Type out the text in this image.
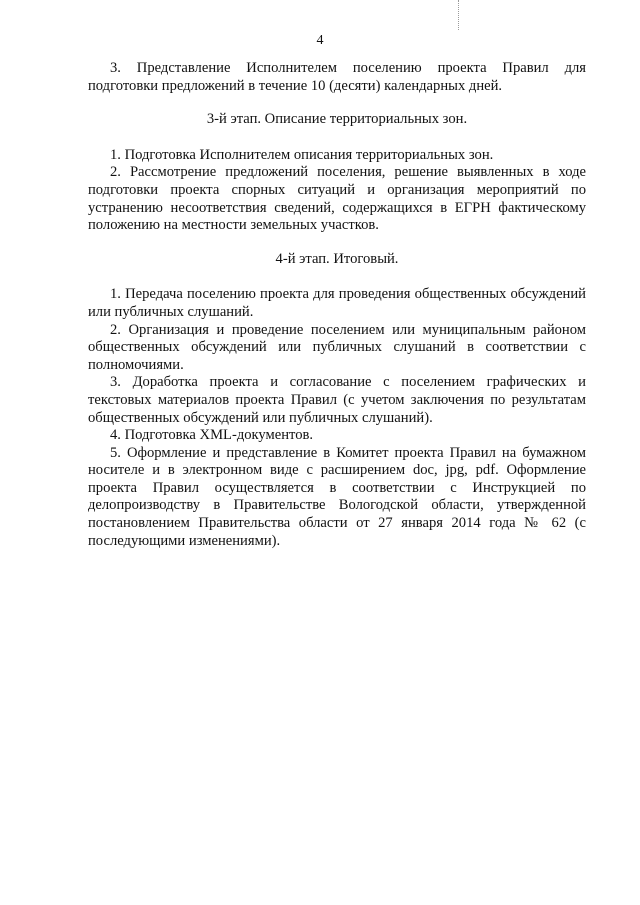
4

3. Представление Исполнителем поселению проекта Правил для подготовки предложений в течение 10 (десяти) календарных дней.

3-й этап. Описание территориальных зон.

1. Подготовка Исполнителем описания территориальных зон.

2. Рассмотрение предложений поселения, решение выявленных в ходе подготовки проекта спорных ситуаций и организация мероприятий по устранению несоответствия сведений, содержащихся в ЕГРН фактическому положению на местности земельных участков.

4-й этап. Итоговый.

1. Передача поселению проекта для проведения общественных обсуждений или публичных слушаний.

2. Организация и проведение поселением или муниципальным районом общественных обсуждений или публичных слушаний в соответствии с полномочиями.

3. Доработка проекта и согласование с поселением графических и текстовых материалов проекта Правил (с учетом заключения по результатам общественных обсуждений или публичных слушаний).

4. Подготовка XML-документов.

5. Оформление и представление в Комитет проекта Правил на бумажном носителе и в электронном виде с расширением doc, jpg, pdf. Оформление проекта Правил осуществляется в соответствии с Инструкцией по делопроизводству в Правительстве Вологодской области, утвержденной постановлением Правительства области от 27 января 2014 года № 62 (с последующими изменениями).
